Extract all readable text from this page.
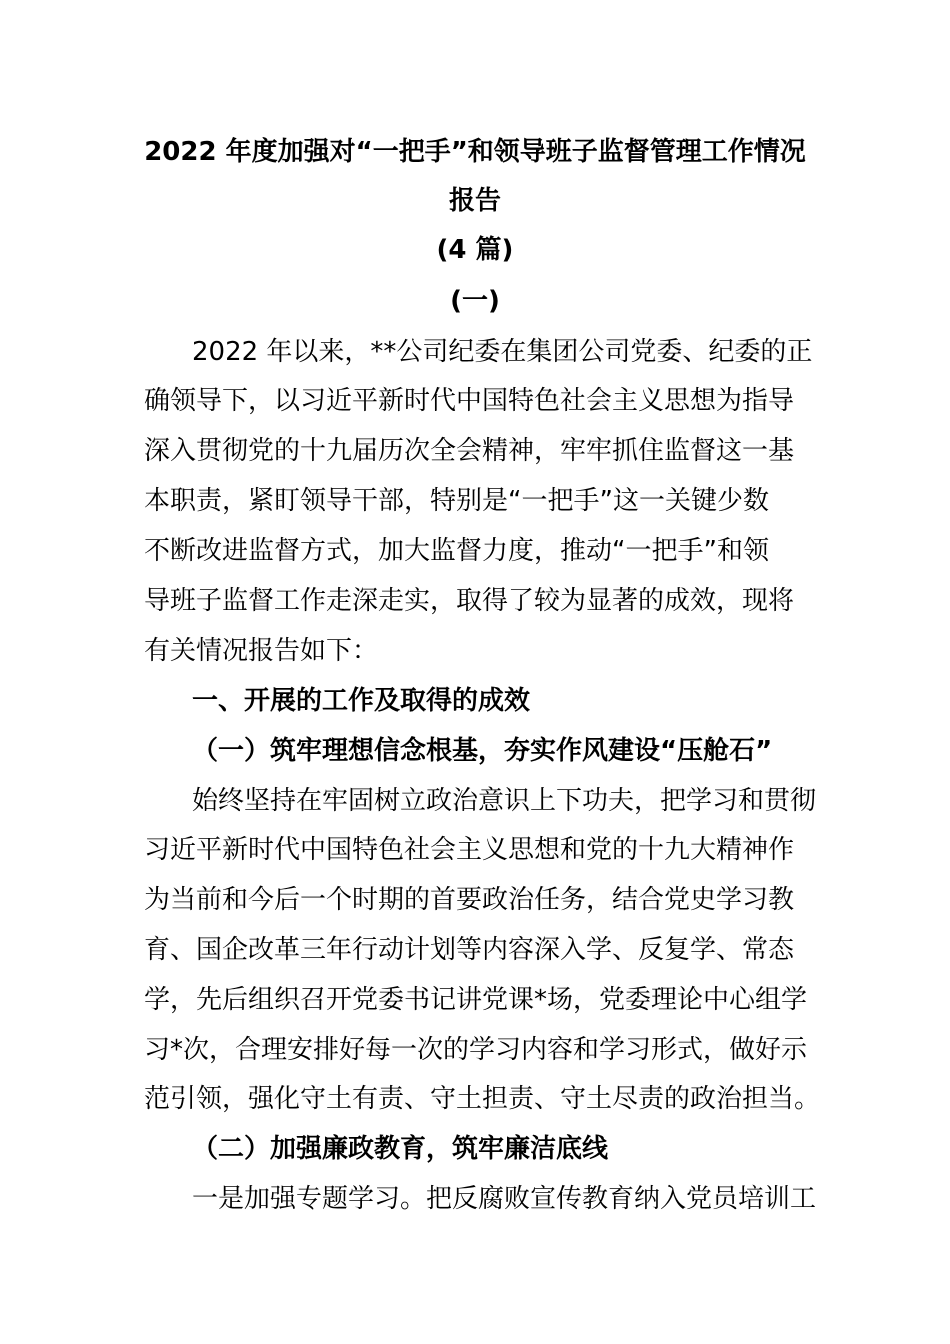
2022 年度加强对“一把手”和领导班子监督管理工作情况
报告
(4 篇)
(一)
2022 年以来，**公司纪委在集团公司党委、纪委的正
确领导下，以习近平新时代中国特色社会主义思想为指导
深入贯彻党的十九届历次全会精神，牢牢抓住监督这一基
本职责，紧盯领导干部，特别是“一把手”这一关键少数
不断改进监督方式，加大监督力度，推动“一把手”和领
导班子监督工作走深走实，取得了较为显著的成效，现将
有关情况报告如下：
一、开展的工作及取得的成效
（一）筑牢理想信念根基，夯实作风建设“压舱石”
始终坚持在牢固树立政治意识上下功夫，把学习和贯彻
习近平新时代中国特色社会主义思想和党的十九大精神作
为当前和今后一个时期的首要政治任务，结合党史学习教
育、国企改革三年行动计划等内容深入学、反复学、常态
学，先后组织召开党委书记讲党课*场，党委理论中心组学
习*次，合理安排好每一次的学习内容和学习形式，做好示
范引领，强化守土有责、守土担责、守土尽责的政治担当。
（二）加强廉政教育，筑牢廉洁底线
一是加强专题学习。把反腐败宣传教育纳入党员培训工
